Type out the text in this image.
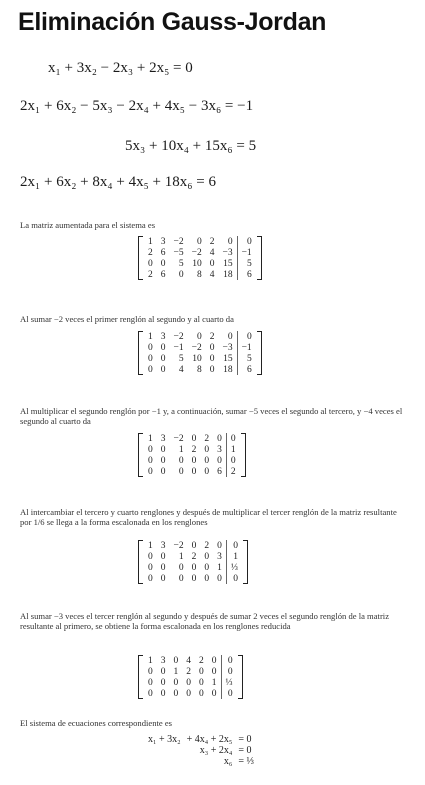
Eliminación Gauss-Jordan
x₁ + 3x₂ − 2x₃ + 2x₅ = 0
2x₁ + 6x₂ − 5x₃ − 2x₄ + 4x₅ − 3x₆ = −1
5x₃ + 10x₄ + 15x₆ = 5
2x₁ + 6x₂ + 8x₄ + 4x₅ + 18x₆ = 6
La matriz aumentada para el sistema es
1	3	−2	0	2	0	0
2	6	−5	−2	4	−3	−1
0	0	5	10	0	15	5
2	6	0	8	4	18	6
Al sumar −2 veces el primer renglón al segundo y al cuarto da
1	3	−2	0	2	0	0
0	0	−1	−2	0	−3	−1
0	0	5	10	0	15	5
0	0	4	8	0	18	6
Al multiplicar el segundo renglón por −1 y, a continuación, sumar −5 veces el segundo al tercero, y −4 veces el segundo al cuarto da
1	3	−2	0	2	0	0
0	0	1	2	0	3	1
0	0	0	0	0	0	0
0	0	0	0	0	6	2
Al intercambiar el tercero y cuarto renglones y después de multiplicar el tercer renglón de la matriz resultante por 1/6 se llega a la forma escalonada en los renglones
1	3	−2	0	2	0	0
0	0	1	2	0	3	1
0	0	0	0	0	1	⅓
0	0	0	0	0	0	0
Al sumar −3 veces el tercer renglón al segundo y después de sumar 2 veces el segundo renglón de la matriz resultante al primero, se obtiene la forma escalonada en los renglones reducida
1	3	0	4	2	0	0
0	0	1	2	0	0	0
0	0	0	0	0	1	⅓
0	0	0	0	0	0	0
El sistema de ecuaciones correspondiente es
x₁ + 3x₂	+ 4x₄ + 2x₅	= 0
	x₃ + 2x₄	= 0
	x₆	= ⅓
